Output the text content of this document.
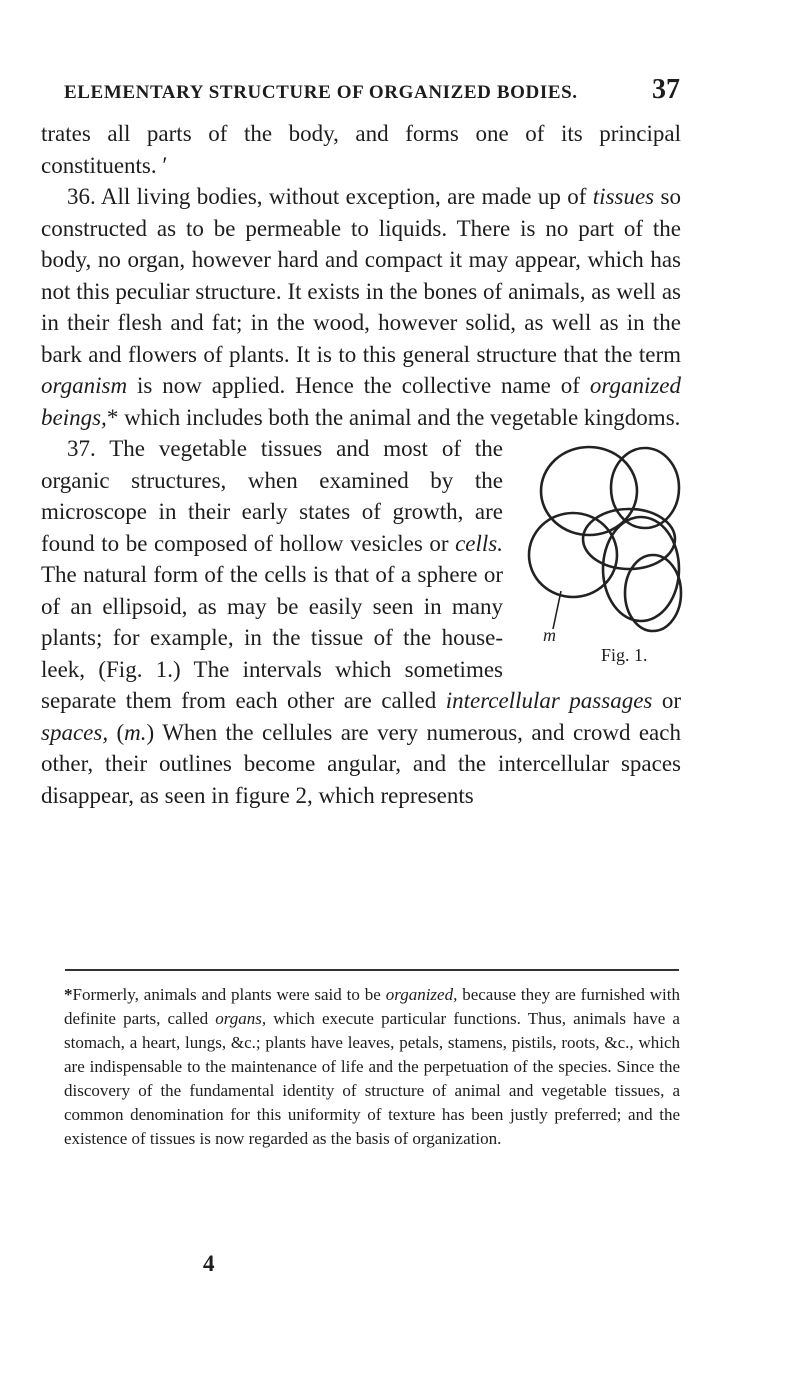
ELEMENTARY STRUCTURE OF ORGANIZED BODIES.	37

trates all parts of the body, and forms one of its principal constituents. ′

36. All living bodies, without exception, are made up of tissues so constructed as to be permeable to liquids. There is no part of the body, no organ, however hard and compact it may appear, which has not this peculiar structure. It exists in the bones of animals, as well as in their flesh and fat; in the wood, however solid, as well as in the bark and flowers of plants. It is to this general structure that the term organism is now applied. Hence the collective name of organized beings,* which includes both the animal and the vegetable kingdoms.

m
Fig. 1.
37. The vegetable tissues and most of the organic structures, when examined by the microscope in their early states of growth, are found to be composed of hollow vesicles or cells. The natural form of the cells is that of a sphere or of an ellipsoid, as may be easily seen in many plants; for example, in the tissue of the house-leek, (Fig. 1.) The intervals which sometimes separate them from each other are called intercellular passages or spaces, (m.) When the cellules are very numerous, and crowd each other, their outlines become angular, and the intercellular spaces disappear, as seen in figure 2, which represents

*Formerly, animals and plants were said to be organized, because they are furnished with definite parts, called organs, which execute particular functions. Thus, animals have a stomach, a heart, lungs, &c.; plants have leaves, petals, stamens, pistils, roots, &c., which are indispensable to the maintenance of life and the perpetuation of the species. Since the discovery of the fundamental identity of structure of animal and vegetable tissues, a common denomination for this uniformity of texture has been justly preferred; and the existence of tissues is now regarded as the basis of organization.
4
